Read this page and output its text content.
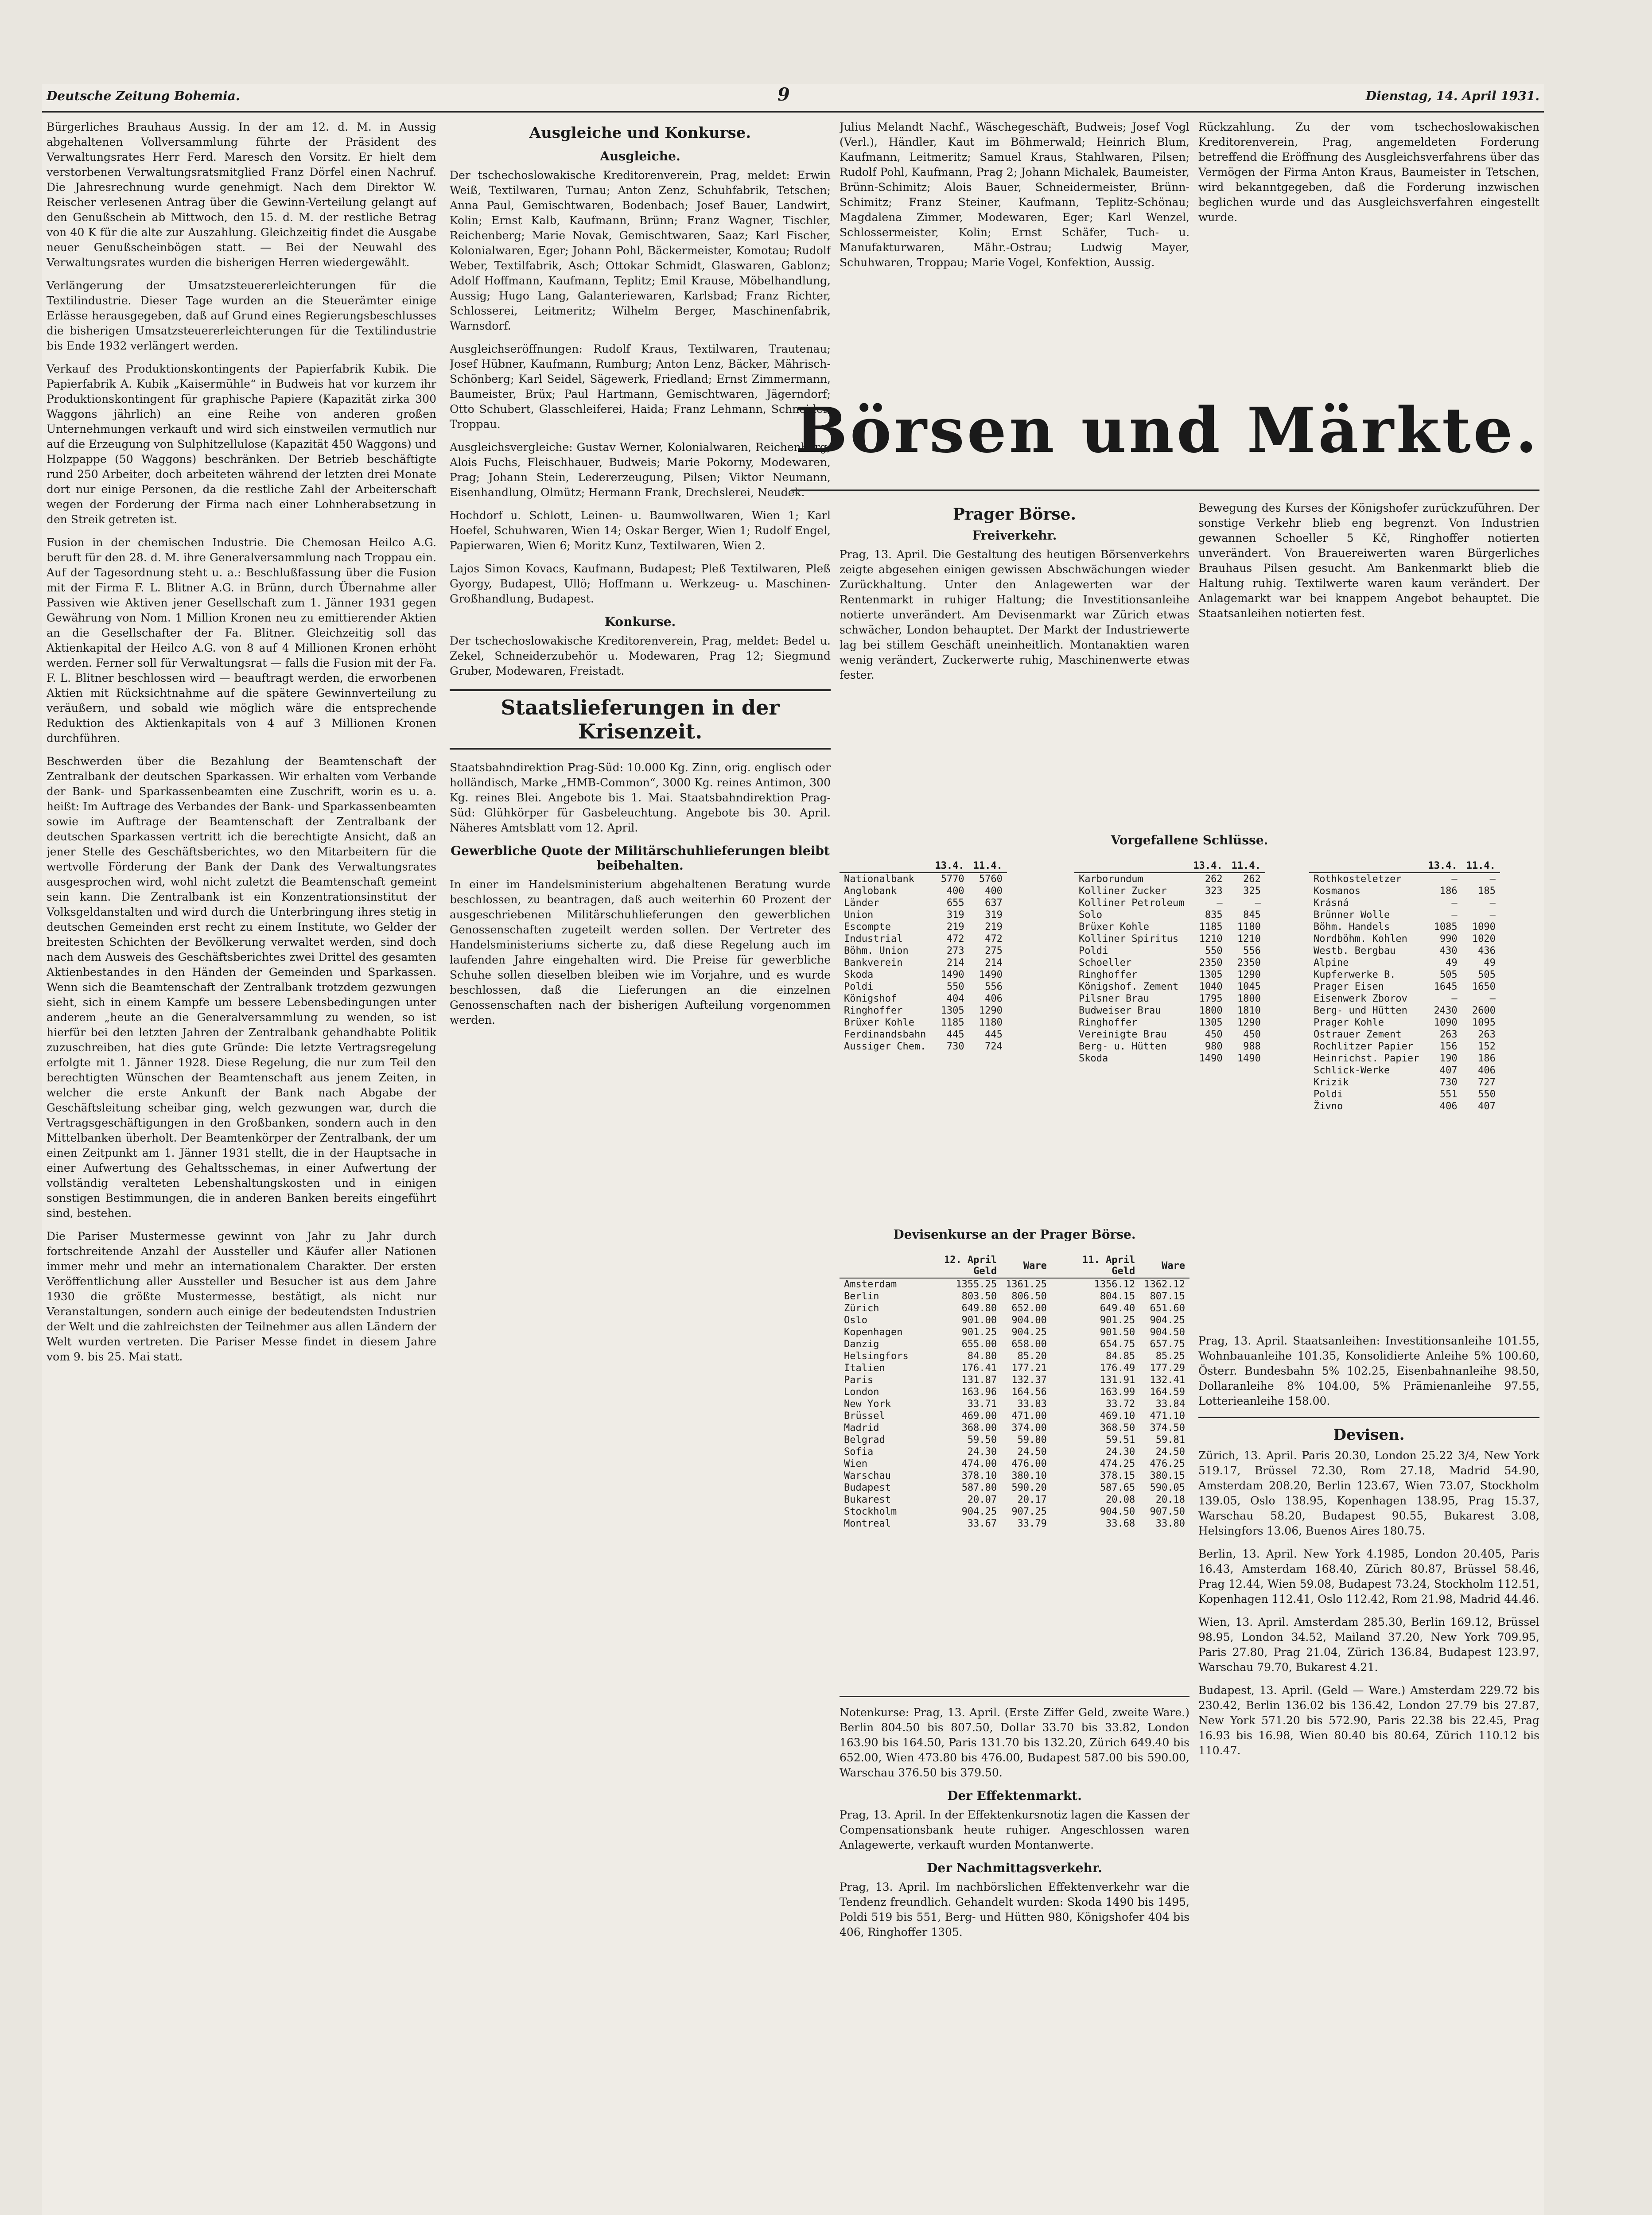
Deutsche Zeitung Bohemia.	9	Dienstag, 14. April 1931.

Bürgerliches Brauhaus Aussig. In der am 12. d. M. in Aussig abgehaltenen Vollversammlung führte der Präsident des Verwaltungsrates Herr Ferd. Maresch den Vorsitz. Er hielt dem verstorbenen Verwaltungsratsmitglied Franz Dörfel einen Nachruf. Die Jahresrechnung wurde genehmigt. Nach dem Direktor W. Reischer verlesenen Antrag über die Gewinn-Verteilung gelangt auf den Genußschein ab Mittwoch, den 15. d. M. der restliche Betrag von 40 K für die alte zur Auszahlung. Gleichzeitig findet die Ausgabe neuer Genußscheinbögen statt. — Bei der Neuwahl des Verwaltungsrates wurden die bisherigen Herren wiedergewählt.

Verlängerung der Umsatzsteuererleichterungen für die Textilindustrie. Dieser Tage wurden an die Steuerämter einige Erlässe herausgegeben, daß auf Grund eines Regierungsbeschlusses die bisherigen Umsatzsteuererleichterungen für die Textilindustrie bis Ende 1932 verlängert werden.

Verkauf des Produktionskontingents der Papierfabrik Kubik. Die Papierfabrik A. Kubik „Kaisermühle“ in Budweis hat vor kurzem ihr Produktionskontingent für graphische Papiere (Kapazität zirka 300 Waggons jährlich) an eine Reihe von anderen großen Unternehmungen verkauft und wird sich einstweilen vermutlich nur auf die Erzeugung von Sulphitzellulose (Kapazität 450 Waggons) und Holzpappe (50 Waggons) beschränken. Der Betrieb beschäftigte rund 250 Arbeiter, doch arbeiteten während der letzten drei Monate dort nur einige Personen, da die restliche Zahl der Arbeiterschaft wegen der Forderung der Firma nach einer Lohnherabsetzung in den Streik getreten ist.

Fusion in der chemischen Industrie. Die Chemosan Heilco A.G. beruft für den 28. d. M. ihre Generalversammlung nach Troppau ein. Auf der Tagesordnung steht u. a.: Beschlußfassung über die Fusion mit der Firma F. L. Blitner A.G. in Brünn, durch Übernahme aller Passiven wie Aktiven jener Gesellschaft zum 1. Jänner 1931 gegen Gewährung von Nom. 1 Million Kronen neu zu emittierender Aktien an die Gesellschafter der Fa. Blitner. Gleichzeitig soll das Aktienkapital der Heilco A.G. von 8 auf 4 Millionen Kronen erhöht werden. Ferner soll für Verwaltungsrat — falls die Fusion mit der Fa. F. L. Blitner beschlossen wird — beauftragt werden, die erworbenen Aktien mit Rücksichtnahme auf die spätere Gewinnverteilung zu veräußern, und sobald wie möglich wäre die entsprechende Reduktion des Aktienkapitals von 4 auf 3 Millionen Kronen durchführen.

Beschwerden über die Bezahlung der Beamtenschaft der Zentralbank der deutschen Sparkassen. Wir erhalten vom Verbande der Bank- und Sparkassenbeamten eine Zuschrift, worin es u. a. heißt: Im Auftrage des Verbandes der Bank- und Sparkassenbeamten sowie im Auftrage der Beamtenschaft der Zentralbank der deutschen Sparkassen vertritt ich die berechtigte Ansicht, daß an jener Stelle des Geschäftsberichtes, wo den Mitarbeitern für die wertvolle Förderung der Bank der Dank des Verwaltungsrates ausgesprochen wird, wohl nicht zuletzt die Beamtenschaft gemeint sein kann. Die Zentralbank ist ein Konzentrationsinstitut der Volksgeldanstalten und wird durch die Unterbringung ihres stetig in deutschen Gemeinden erst recht zu einem Institute, wo Gelder der breitesten Schichten der Bevölkerung verwaltet werden, sind doch nach dem Ausweis des Geschäftsberichtes zwei Drittel des gesamten Aktienbestandes in den Händen der Gemeinden und Sparkassen. Wenn sich die Beamtenschaft der Zentralbank trotzdem gezwungen sieht, sich in einem Kampfe um bessere Lebensbedingungen unter anderem „heute an die Generalversammlung zu wenden, so ist hierfür bei den letzten Jahren der Zentralbank gehandhabte Politik zuzuschreiben, hat dies gute Gründe: Die letzte Vertragsregelung erfolgte mit 1. Jänner 1928. Diese Regelung, die nur zum Teil den berechtigten Wünschen der Beamtenschaft aus jenem Zeiten, in welcher die erste Ankunft der Bank nach Abgabe der Geschäftsleitung scheibar ging, welch gezwungen war, durch die Vertragsgeschäftigungen in den Großbanken, sondern auch in den Mittelbanken überholt. Der Beamtenkörper der Zentralbank, der um einen Zeitpunkt am 1. Jänner 1931 stellt, die in der Hauptsache in einer Aufwertung des Gehaltsschemas, in einer Aufwertung der vollständig veralteten Lebenshaltungskosten und in einigen sonstigen Bestimmungen, die in anderen Banken bereits eingeführt sind, bestehen.

Die Pariser Mustermesse gewinnt von Jahr zu Jahr durch fortschreitende Anzahl der Aussteller und Käufer aller Nationen immer mehr und mehr an internationalem Charakter. Der ersten Veröffentlichung aller Aussteller und Besucher ist aus dem Jahre 1930 die größte Mustermesse, bestätigt, als nicht nur Veranstaltungen, sondern auch einige der bedeutendsten Industrien der Welt und die zahlreichsten der Teilnehmer aus allen Ländern der Welt wurden vertreten. Die Pariser Messe findet in diesem Jahre vom 9. bis 25. Mai statt.

Ausgleiche und Konkurse.
Ausgleiche.

Der tschechoslowakische Kreditorenverein, Prag, meldet: Erwin Weiß, Textilwaren, Turnau; Anton Zenz, Schuhfabrik, Tetschen; Anna Paul, Gemischtwaren, Bodenbach; Josef Bauer, Landwirt, Kolin; Ernst Kalb, Kaufmann, Brünn; Franz Wagner, Tischler, Reichenberg; Marie Novak, Gemischtwaren, Saaz; Karl Fischer, Kolonialwaren, Eger; Johann Pohl, Bäckermeister, Komotau; Rudolf Weber, Textilfabrik, Asch; Ottokar Schmidt, Glaswaren, Gablonz; Adolf Hoffmann, Kaufmann, Teplitz; Emil Krause, Möbelhandlung, Aussig; Hugo Lang, Galanteriewaren, Karlsbad; Franz Richter, Schlosserei, Leitmeritz; Wilhelm Berger, Maschinenfabrik, Warnsdorf.

Ausgleichseröffnungen: Rudolf Kraus, Textilwaren, Trautenau; Josef Hübner, Kaufmann, Rumburg; Anton Lenz, Bäcker, Mährisch-Schönberg; Karl Seidel, Sägewerk, Friedland; Ernst Zimmermann, Baumeister, Brüx; Paul Hartmann, Gemischtwaren, Jägerndorf; Otto Schubert, Glasschleiferei, Haida; Franz Lehmann, Schneider, Troppau.

Ausgleichsvergleiche: Gustav Werner, Kolonialwaren, Reichenberg; Alois Fuchs, Fleischhauer, Budweis; Marie Pokorny, Modewaren, Prag; Johann Stein, Ledererzeugung, Pilsen; Viktor Neumann, Eisenhandlung, Olmütz; Hermann Frank, Drechslerei, Neudek.

Hochdorf u. Schlott, Leinen- u. Baumwollwaren, Wien 1; Karl Hoefel, Schuhwaren, Wien 14; Oskar Berger, Wien 1; Rudolf Engel, Papierwaren, Wien 6; Moritz Kunz, Textilwaren, Wien 2.

Lajos Simon Kovacs, Kaufmann, Budapest; Pleß Textilwaren, Pleß Gyorgy, Budapest, Ullö; Hoffmann u. Werkzeug- u. Maschinen-Großhandlung, Budapest.

Konkurse.

Der tschechoslowakische Kreditorenverein, Prag, meldet: Bedel u. Zekel, Schneiderzubehör u. Modewaren, Prag 12; Siegmund Gruber, Modewaren, Freistadt.

Staatslieferungen in der Krisenzeit.

Staatsbahndirektion Prag-Süd: 10.000 Kg. Zinn, orig. englisch oder holländisch, Marke „HMB-Common“, 3000 Kg. reines Antimon, 300 Kg. reines Blei. Angebote bis 1. Mai. Staatsbahndirektion Prag-Süd: Glühkörper für Gasbeleuchtung. Angebote bis 30. April. Näheres Amtsblatt vom 12. April.

Gewerbliche Quote der Militärschuhlieferungen bleibt beibehalten.

In einer im Handelsministerium abgehaltenen Beratung wurde beschlossen, zu beantragen, daß auch weiterhin 60 Prozent der ausgeschriebenen Militärschuhlieferungen den gewerblichen Genossenschaften zugeteilt werden sollen. Der Vertreter des Handelsministeriums sicherte zu, daß diese Regelung auch im laufenden Jahre eingehalten wird. Die Preise für gewerbliche Schuhe sollen dieselben bleiben wie im Vorjahre, und es wurde beschlossen, daß die Lieferungen an die einzelnen Genossenschaften nach der bisherigen Aufteilung vorgenommen werden.

Julius Melandt Nachf., Wäschegeschäft, Budweis; Josef Vogl (Verl.), Händler, Kaut im Böhmerwald; Heinrich Blum, Kaufmann, Leitmeritz; Samuel Kraus, Stahlwaren, Pilsen; Rudolf Pohl, Kaufmann, Prag 2; Johann Michalek, Baumeister, Brünn-Schimitz; Alois Bauer, Schneidermeister, Brünn-Schimitz; Franz Steiner, Kaufmann, Teplitz-Schönau; Magdalena Zimmer, Modewaren, Eger; Karl Wenzel, Schlossermeister, Kolin; Ernst Schäfer, Tuch- u. Manufakturwaren, Mähr.-Ostrau; Ludwig Mayer, Schuhwaren, Troppau; Marie Vogel, Konfektion, Aussig.

Rückzahlung. Zu der vom tschechoslowakischen Kreditorenverein, Prag, angemeldeten Forderung betreffend die Eröffnung des Ausgleichsverfahrens über das Vermögen der Firma Anton Kraus, Baumeister in Tetschen, wird bekanntgegeben, daß die Forderung inzwischen beglichen wurde und das Ausgleichsverfahren eingestellt wurde.

Börsen und Märkte.
Prager Börse.
Freiverkehr.

Prag, 13. April. Die Gestaltung des heutigen Börsenverkehrs zeigte abgesehen einigen gewissen Abschwächungen wieder Zurückhaltung. Unter den Anlagewerten war der Rentenmarkt in ruhiger Haltung; die Investitionsanleihe notierte unverändert. Am Devisenmarkt war Zürich etwas schwächer, London behauptet. Der Markt der Industriewerte lag bei stillem Geschäft uneinheitlich. Montanaktien waren wenig verändert, Zuckerwerte ruhig, Maschinenwerte etwas fester.

Bewegung des Kurses der Königshofer zurückzuführen. Der sonstige Verkehr blieb eng begrenzt. Von Industrien gewannen Schoeller 5 Kč, Ringhoffer notierten unverändert. Von Brauereiwerten waren Bürgerliches Brauhaus Pilsen gesucht. Am Bankenmarkt blieb die Haltung ruhig. Textilwerte waren kaum verändert. Der Anlagemarkt war bei knappem Angebot behauptet. Die Staatsanleihen notierten fest.

Vorgefallene Schlüsse.
	13.4.	11.4.
Nationalbank	5770	5760
Anglobank	400	400
Länder	655	637
Union	319	319
Escompte	219	219
Industrial	472	472
Böhm. Union	273	275
Bankverein	214	214
Skoda	1490	1490
Poldi	550	556
Königshof	404	406
Ringhoffer	1305	1290
Brüxer Kohle	1185	1180
Ferdinandsbahn	445	445
Aussiger Chem.	730	724
	13.4.	11.4.
Karborundum	262	262
Kolliner Zucker	323	325
Kolliner Petroleum	—	—
Solo	835	845
Brüxer Kohle	1185	1180
Kolliner Spiritus	1210	1210
Poldi	550	556
Schoeller	2350	2350
Ringhoffer	1305	1290
Königshof. Zement	1040	1045
Pilsner Brau	1795	1800
Budweiser Brau	1800	1810
Ringhoffer	1305	1290
Vereinigte Brau	450	450
Berg- u. Hütten	980	988
Skoda	1490	1490
	13.4.	11.4.
Rothkosteletzer	—	—
Kosmanos	186	185
Krásná	—	—
Brünner Wolle	—	—
Böhm. Handels	1085	1090
Nordböhm. Kohlen	990	1020
Westb. Bergbau	430	436
Alpine	49	49
Kupferwerke B.	505	505
Prager Eisen	1645	1650
Eisenwerk Zborov	—	—
Berg- und Hütten	2430	2600
Prager Kohle	1090	1095
Ostrauer Zement	263	263
Rochlitzer Papier	156	152
Heinrichst. Papier	190	186
Schlick-Werke	407	406
Krizik	730	727
Poldi	551	550
Živno	406	407
Devisenkurse an der Prager Börse.
	12. April Geld	Ware	11. April Geld	Ware
Amsterdam	1355.25	1361.25	1356.12	1362.12
Berlin	803.50	806.50	804.15	807.15
Zürich	649.80	652.00	649.40	651.60
Oslo	901.00	904.00	901.25	904.25
Kopenhagen	901.25	904.25	901.50	904.50
Danzig	655.00	658.00	654.75	657.75
Helsingfors	84.80	85.20	84.85	85.25
Italien	176.41	177.21	176.49	177.29
Paris	131.87	132.37	131.91	132.41
London	163.96	164.56	163.99	164.59
New York	33.71	33.83	33.72	33.84
Brüssel	469.00	471.00	469.10	471.10
Madrid	368.00	374.00	368.50	374.50
Belgrad	59.50	59.80	59.51	59.81
Sofia	24.30	24.50	24.30	24.50
Wien	474.00	476.00	474.25	476.25
Warschau	378.10	380.10	378.15	380.15
Budapest	587.80	590.20	587.65	590.05
Bukarest	20.07	20.17	20.08	20.18
Stockholm	904.25	907.25	904.50	907.50
Montreal	33.67	33.79	33.68	33.80

Notenkurse: Prag, 13. April. (Erste Ziffer Geld, zweite Ware.) Berlin 804.50 bis 807.50, Dollar 33.70 bis 33.82, London 163.90 bis 164.50, Paris 131.70 bis 132.20, Zürich 649.40 bis 652.00, Wien 473.80 bis 476.00, Budapest 587.00 bis 590.00, Warschau 376.50 bis 379.50.

Der Effektenmarkt.

Prag, 13. April. In der Effektenkursnotiz lagen die Kassen der Compensationsbank heute ruhiger. Angeschlossen waren Anlagewerte, verkauft wurden Montanwerte.

Der Nachmittagsverkehr.

Prag, 13. April. Im nachbörslichen Effektenverkehr war die Tendenz freundlich. Gehandelt wurden: Skoda 1490 bis 1495, Poldi 519 bis 551, Berg- und Hütten 980, Königshofer 404 bis 406, Ringhoffer 1305.

Prag, 13. April. Staatsanleihen: Investitionsanleihe 101.55, Wohnbauanleihe 101.35, Konsolidierte Anleihe 5% 100.60, Österr. Bundesbahn 5% 102.25, Eisenbahnanleihe 98.50, Dollaranleihe 8% 104.00, 5% Prämienanleihe 97.55, Lotterieanleihe 158.00.

Devisen.

Zürich, 13. April. Paris 20.30, London 25.22 3/4, New York 519.17, Brüssel 72.30, Rom 27.18, Madrid 54.90, Amsterdam 208.20, Berlin 123.67, Wien 73.07, Stockholm 139.05, Oslo 138.95, Kopenhagen 138.95, Prag 15.37, Warschau 58.20, Budapest 90.55, Bukarest 3.08, Helsingfors 13.06, Buenos Aires 180.75.

Berlin, 13. April. New York 4.1985, London 20.405, Paris 16.43, Amsterdam 168.40, Zürich 80.87, Brüssel 58.46, Prag 12.44, Wien 59.08, Budapest 73.24, Stockholm 112.51, Kopenhagen 112.41, Oslo 112.42, Rom 21.98, Madrid 44.46.

Wien, 13. April. Amsterdam 285.30, Berlin 169.12, Brüssel 98.95, London 34.52, Mailand 37.20, New York 709.95, Paris 27.80, Prag 21.04, Zürich 136.84, Budapest 123.97, Warschau 79.70, Bukarest 4.21.

Budapest, 13. April. (Geld — Ware.) Amsterdam 229.72 bis 230.42, Berlin 136.02 bis 136.42, London 27.79 bis 27.87, New York 571.20 bis 572.90, Paris 22.38 bis 22.45, Prag 16.93 bis 16.98, Wien 80.40 bis 80.64, Zürich 110.12 bis 110.47.
